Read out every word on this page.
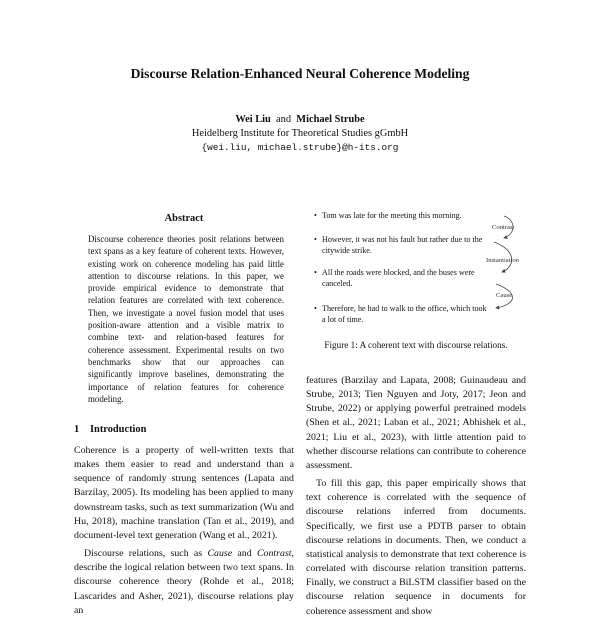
Discourse Relation-Enhanced Neural Coherence Modeling
Wei Liu and Michael Strube
Heidelberg Institute for Theoretical Studies gGmbH
{wei.liu, michael.strube}@h-its.org
Abstract

Discourse coherence theories posit relations between text spans as a key feature of coherent texts. However, existing work on coherence modeling has paid little attention to discourse relations. In this paper, we provide empirical evidence to demonstrate that relation features are correlated with text coherence. Then, we investigate a novel fusion model that uses position-aware attention and a visible matrix to combine text- and relation-based features for coherence assessment. Experimental results on two benchmarks show that our approaches can significantly improve baselines, demonstrating the importance of relation features for coherence modeling.

1 Introduction

Coherence is a property of well-written texts that makes them easier to read and understand than a sequence of randomly strung sentences (Lapata and Barzilay, 2005). Its modeling has been applied to many downstream tasks, such as text summarization (Wu and Hu, 2018), machine translation (Tan et al., 2019), and document-level text generation (Wang et al., 2021).

Discourse relations, such as Cause and Contrast, describe the logical relation between two text spans. In discourse coherence theory (Rohde et al., 2018; Lascarides and Asher, 2021), discourse relations play an

• Tom was late for the meeting this morning.
• However, it was not his fault but rather due to the citywide strike.
• All the roads were blocked, and the buses were canceled.
• Therefore, he had to walk to the office, which took a lot of time.
Contrast
Instantiation
Cause
Figure 1: A coherent text with discourse relations.

features (Barzilay and Lapata, 2008; Guinaudeau and Strube, 2013; Tien Nguyen and Joty, 2017; Jeon and Strube, 2022) or applying powerful pretrained models (Shen et al., 2021; Laban et al., 2021; Abhishek et al., 2021; Liu et al., 2023), with little attention paid to whether discourse relations can contribute to coherence assessment.

To fill this gap, this paper empirically shows that text coherence is correlated with the sequence of discourse relations inferred from documents. Specifically, we first use a PDTB parser to obtain discourse relations in documents. Then, we conduct a statistical analysis to demonstrate that text coherence is correlated with discourse relation transition patterns. Finally, we construct a BiLSTM classifier based on the discourse relation sequence in documents for coherence assessment and show
